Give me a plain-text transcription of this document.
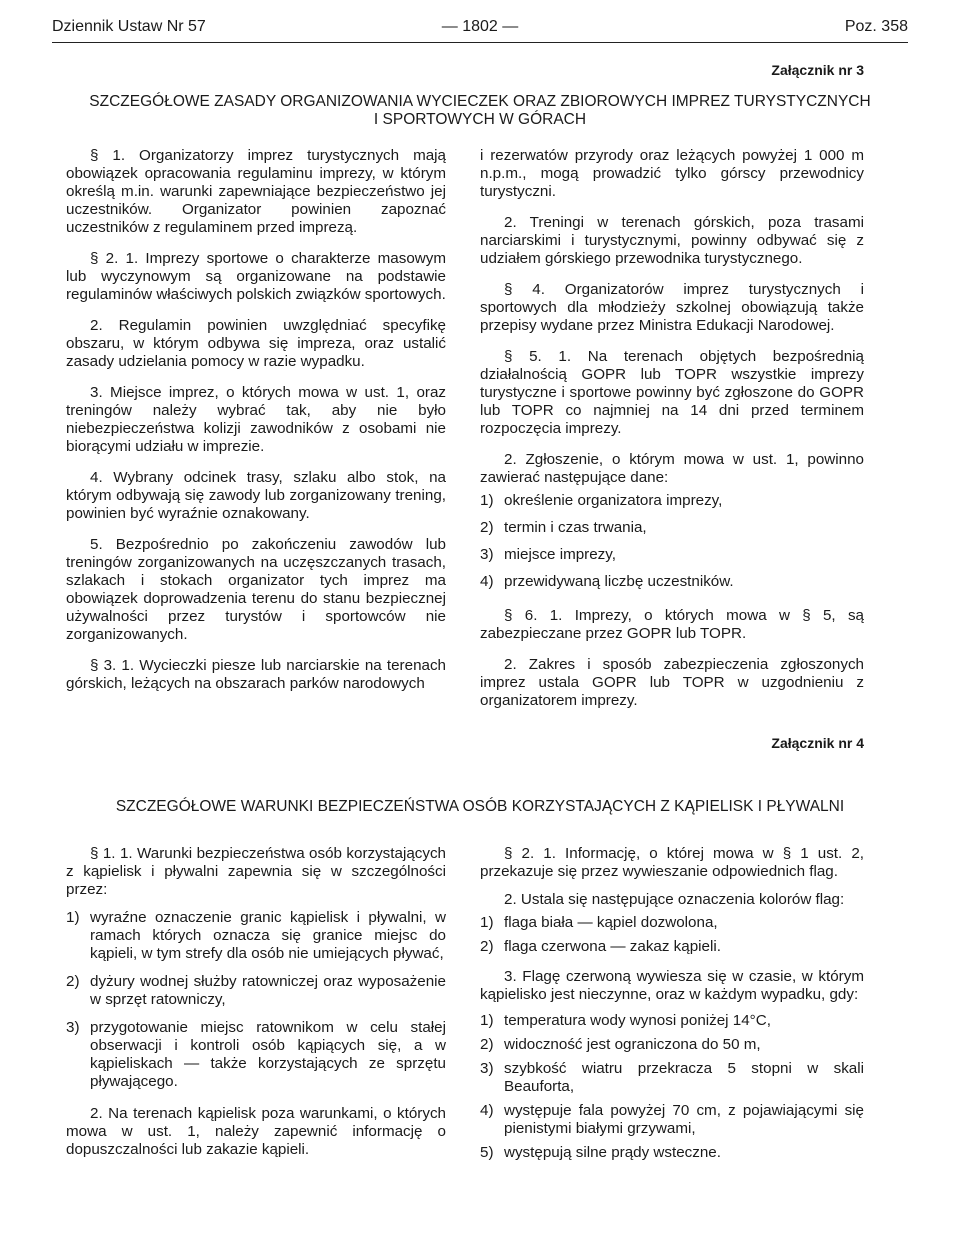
Dziennik Ustaw Nr 57	— 1802 —	Poz. 358
Załącznik nr 3
SZCZEGÓŁOWE ZASADY ORGANIZOWANIA WYCIECZEK ORAZ ZBIOROWYCH IMPREZ TURYSTYCZNYCH
I SPORTOWYCH W GÓRACH

§ 1. Organizatorzy imprez turystycznych mają obowiązek opracowania regulaminu imprezy, w którym określą m.in. warunki zapewniające bezpieczeństwo jej uczestników. Organizator powinien zapoznać uczestników z regulaminem przed imprezą.

§ 2. 1. Imprezy sportowe o charakterze masowym lub wyczynowym są organizowane na podstawie regulaminów właściwych polskich związków sportowych.

2. Regulamin powinien uwzględniać specyfikę obszaru, w którym odbywa się impreza, oraz ustalić zasady udzielania pomocy w razie wypadku.

3. Miejsce imprez, o których mowa w ust. 1, oraz treningów należy wybrać tak, aby nie było niebezpieczeństwa kolizji zawodników z osobami nie biorącymi udziału w imprezie.

4. Wybrany odcinek trasy, szlaku albo stok, na którym odbywają się zawody lub zorganizowany trening, powinien być wyraźnie oznakowany.

5. Bezpośrednio po zakończeniu zawodów lub treningów zorganizowanych na uczęszczanych trasach, szlakach i stokach organizator tych imprez ma obowiązek doprowadzenia terenu do stanu bezpiecznej używalności przez turystów i sportowców nie zorganizowanych.

§ 3. 1. Wycieczki piesze lub narciarskie na terenach górskich, leżących na obszarach parków narodowych

i rezerwatów przyrody oraz leżących powyżej 1 000 m n.p.m., mogą prowadzić tylko górscy przewodnicy turystyczni.

2. Treningi w terenach górskich, poza trasami narciarskimi i turystycznymi, powinny odbywać się z udziałem górskiego przewodnika turystycznego.

§ 4. Organizatorów imprez turystycznych i sportowych dla młodzieży szkolnej obowiązują także przepisy wydane przez Ministra Edukacji Narodowej.

§ 5. 1. Na terenach objętych bezpośrednią działalnością GOPR lub TOPR wszystkie imprezy turystyczne i sportowe powinny być zgłoszone do GOPR lub TOPR co najmniej na 14 dni przed terminem rozpoczęcia imprezy.

2. Zgłoszenie, o którym mowa w ust. 1, powinno zawierać następujące dane:

1) określenie organizatora imprezy,
2) termin i czas trwania,
3) miejsce imprezy,
4) przewidywaną liczbę uczestników.

§ 6. 1. Imprezy, o których mowa w § 5, są zabezpieczane przez GOPR lub TOPR.

2. Zakres i sposób zabezpieczenia zgłoszonych imprez ustala GOPR lub TOPR w uzgodnieniu z organizatorem imprezy.

Załącznik nr 4
SZCZEGÓŁOWE WARUNKI BEZPIECZEŃSTWA OSÓB KORZYSTAJĄCYCH Z KĄPIELISK I PŁYWALNI

§ 1. 1. Warunki bezpieczeństwa osób korzystających z kąpielisk i pływalni zapewnia się w szczególności przez:

1) wyraźne oznaczenie granic kąpielisk i pływalni, w ramach których oznacza się granice miejsc do kąpieli, w tym strefy dla osób nie umiejących pływać,
2) dyżury wodnej służby ratowniczej oraz wyposażenie w sprzęt ratowniczy,
3) przygotowanie miejsc ratownikom w celu stałej obserwacji i kontroli osób kąpiących się, a w kąpieliskach — także korzystających ze sprzętu pływającego.

2. Na terenach kąpielisk poza warunkami, o których mowa w ust. 1, należy zapewnić informację o dopuszczalności lub zakazie kąpieli.

§ 2. 1. Informację, o której mowa w § 1 ust. 2, przekazuje się przez wywieszanie odpowiednich flag.

2. Ustala się następujące oznaczenia kolorów flag:

1) flaga biała — kąpiel dozwolona,
2) flaga czerwona — zakaz kąpieli.

3. Flagę czerwoną wywiesza się w czasie, w którym kąpielisko jest nieczynne, oraz w każdym wypadku, gdy:

1) temperatura wody wynosi poniżej 14°C,
2) widoczność jest ograniczona do 50 m,
3) szybkość wiatru przekracza 5 stopni w skali Beauforta,
4) występuje fala powyżej 70 cm, z pojawiającymi się pienistymi białymi grzywami,
5) występują silne prądy wsteczne.
